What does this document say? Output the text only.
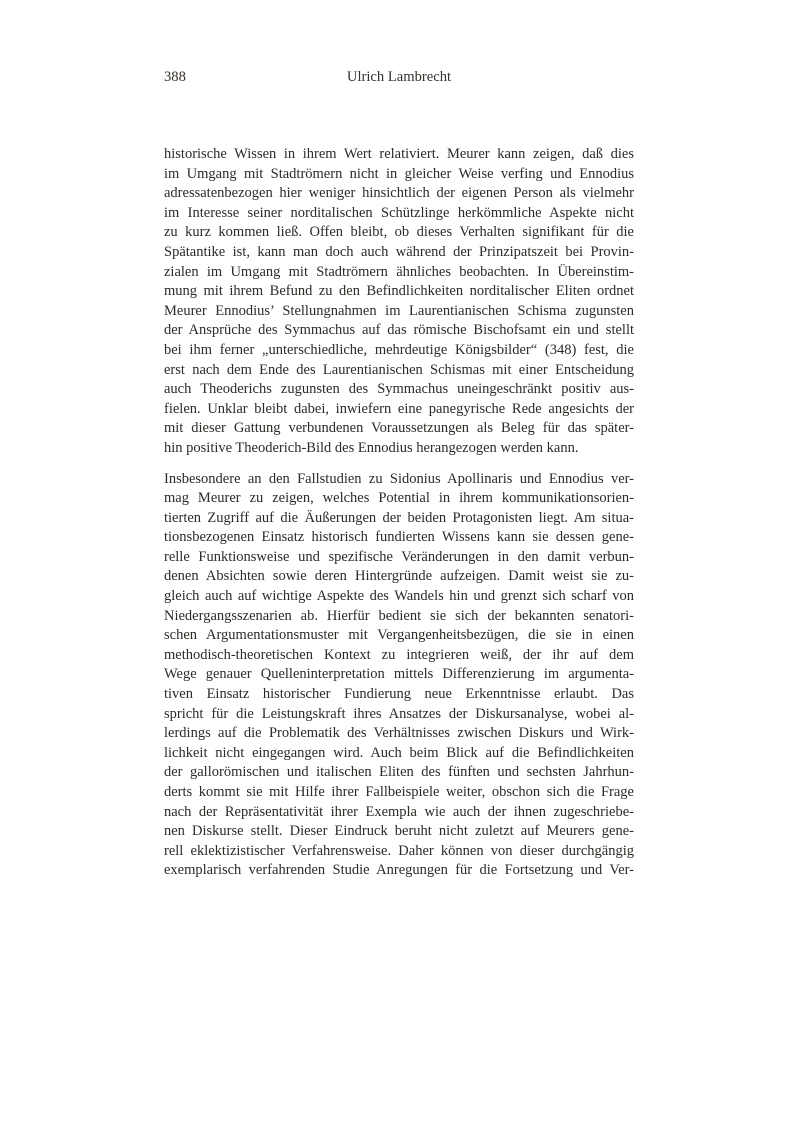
388	Ulrich Lambrecht
historische Wissen in ihrem Wert relativiert. Meurer kann zeigen, daß dies
im Umgang mit Stadtrömern nicht in gleicher Weise verfing und Ennodius
adressatenbezogen hier weniger hinsichtlich der eigenen Person als vielmehr
im Interesse seiner norditalischen Schützlinge herkömmliche Aspekte nicht
zu kurz kommen ließ. Offen bleibt, ob dieses Verhalten signifikant für die
Spätantike ist, kann man doch auch während der Prinzipatszeit bei Provin-
zialen im Umgang mit Stadtrömern ähnliches beobachten. In Übereinstim-
mung mit ihrem Befund zu den Befindlichkeiten norditalischer Eliten ordnet
Meurer Ennodius’ Stellungnahmen im Laurentianischen Schisma zugunsten
der Ansprüche des Symmachus auf das römische Bischofsamt ein und stellt
bei ihm ferner „unterschiedliche, mehrdeutige Königsbilder“ (348) fest, die
erst nach dem Ende des Laurentianischen Schismas mit einer Entscheidung
auch Theoderichs zugunsten des Symmachus uneingeschränkt positiv aus-
fielen. Unklar bleibt dabei, inwiefern eine panegyrische Rede angesichts der
mit dieser Gattung verbundenen Voraussetzungen als Beleg für das später-
hin positive Theoderich-Bild des Ennodius herangezogen werden kann.
Insbesondere an den Fallstudien zu Sidonius Apollinaris und Ennodius ver-
mag Meurer zu zeigen, welches Potential in ihrem kommunikationsorien-
tierten Zugriff auf die Äußerungen der beiden Protagonisten liegt. Am situa-
tionsbezogenen Einsatz historisch fundierten Wissens kann sie dessen gene-
relle Funktionsweise und spezifische Veränderungen in den damit verbun-
denen Absichten sowie deren Hintergründe aufzeigen. Damit weist sie zu-
gleich auch auf wichtige Aspekte des Wandels hin und grenzt sich scharf von
Niedergangsszenarien ab. Hierfür bedient sie sich der bekannten senatori-
schen Argumentationsmuster mit Vergangenheitsbezügen, die sie in einen
methodisch-theoretischen Kontext zu integrieren weiß, der ihr auf dem
Wege genauer Quelleninterpretation mittels Differenzierung im argumenta-
tiven Einsatz historischer Fundierung neue Erkenntnisse erlaubt. Das
spricht für die Leistungskraft ihres Ansatzes der Diskursanalyse, wobei al-
lerdings auf die Problematik des Verhältnisses zwischen Diskurs und Wirk-
lichkeit nicht eingegangen wird. Auch beim Blick auf die Befindlichkeiten
der gallorömischen und italischen Eliten des fünften und sechsten Jahrhun-
derts kommt sie mit Hilfe ihrer Fallbeispiele weiter, obschon sich die Frage
nach der Repräsentativität ihrer Exempla wie auch der ihnen zugeschriebe-
nen Diskurse stellt. Dieser Eindruck beruht nicht zuletzt auf Meurers gene-
rell eklektizistischer Verfahrensweise. Daher können von dieser durchgängig
exemplarisch verfahrenden Studie Anregungen für die Fortsetzung und Ver-
